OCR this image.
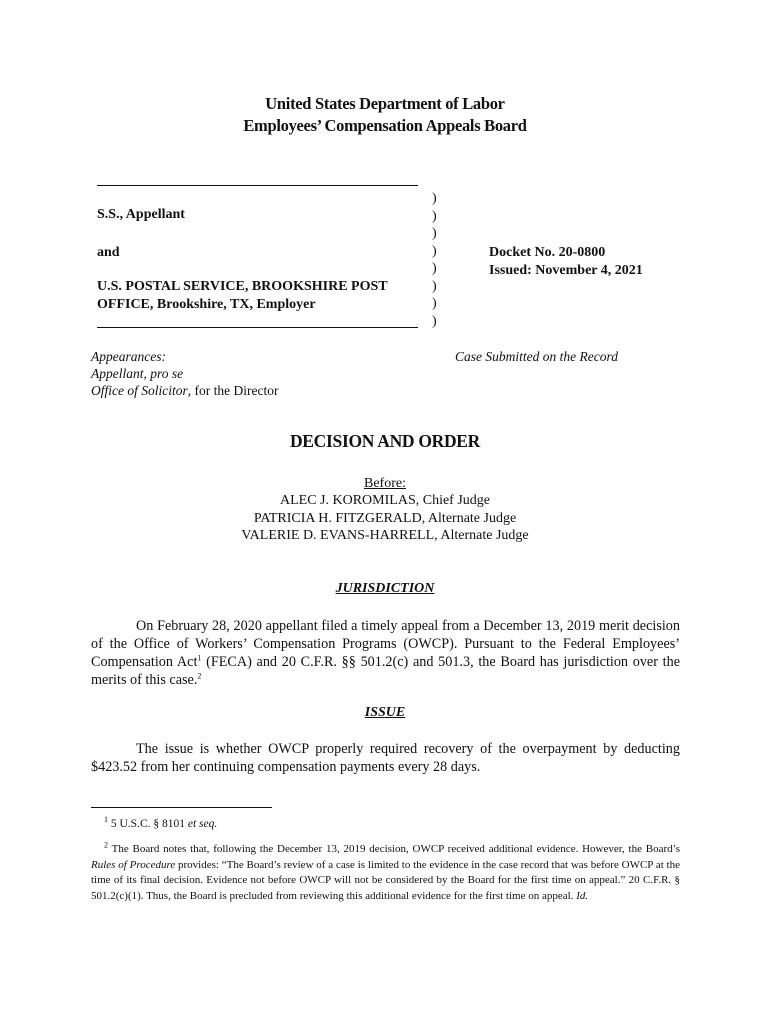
United States Department of Labor
Employees’ Compensation Appeals Board
S.S., Appellant
and
U.S. POSTAL SERVICE, BROOKSHIRE POST
OFFICE, Brookshire, TX, Employer
)
)
)
)
)
)
)
)
Docket No. 20-0800
Issued: November 4, 2021
Appearances:
Appellant, pro se
Office of Solicitor, for the Director
Case Submitted on the Record
DECISION AND ORDER
Before:
ALEC J. KOROMILAS, Chief Judge
PATRICIA H. FITZGERALD, Alternate Judge
VALERIE D. EVANS-HARRELL, Alternate Judge
JURISDICTION
On February 28, 2020 appellant filed a timely appeal from a December 13, 2019 merit decision of the Office of Workers’ Compensation Programs (OWCP). Pursuant to the Federal Employees’ Compensation Act$^1$ (FECA) and 20 C.F.R. §§ 501.2(c) and 501.3, the Board has jurisdiction over the merits of this case.$^2$
ISSUE
The issue is whether OWCP properly required recovery of the overpayment by deducting $423.52 from her continuing compensation payments every 28 days.
$^1$ 5 U.S.C. § 8101 et seq.
$^2$ The Board notes that, following the December 13, 2019 decision, OWCP received additional evidence. However, the Board’s Rules of Procedure provides: “The Board’s review of a case is limited to the evidence in the case record that was before OWCP at the time of its final decision. Evidence not before OWCP will not be considered by the Board for the first time on appeal.” 20 C.F.R. § 501.2(c)(1). Thus, the Board is precluded from reviewing this additional evidence for the first time on appeal. Id.
